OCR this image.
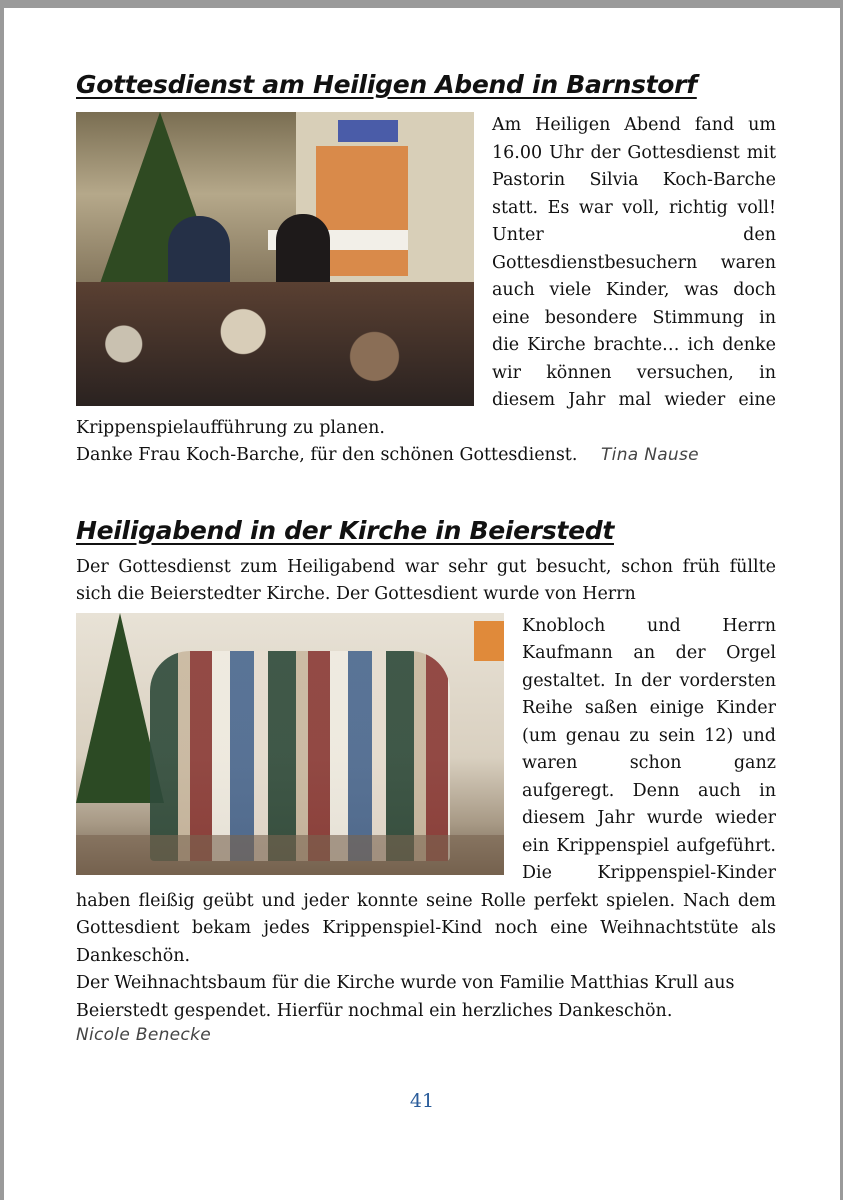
Gottesdienst am Heiligen Abend in Barnstorf
Am Heiligen Abend fand um 16.00 Uhr der Gottesdienst mit Pastorin Silvia Koch-Barche statt. Es war voll, richtig voll! Unter den Gottesdienstbesuchern waren auch viele Kinder, was doch eine besondere Stimmung in die Kirche brachte… ich denke wir können versuchen, in diesem Jahr mal wieder eine Krippenspielaufführung zu planen.
Danke Frau Koch-Barche, für den schönen Gottesdienst. Tina Nause
Heiligabend in der Kirche in Beierstedt
Der Gottesdienst zum Heiligabend war sehr gut besucht, schon früh füllte sich die Beierstedter Kirche. Der Gottesdient wurde von Herrn
Knobloch und Herrn Kaufmann an der Orgel gestaltet. In der vordersten Reihe saßen einige Kinder (um genau zu sein 12) und waren schon ganz aufgeregt. Denn auch in diesem Jahr wurde wieder ein Krippenspiel aufgeführt. Die Krippenspiel-Kinder haben fleißig geübt und jeder konnte seine Rolle perfekt spielen. Nach dem Gottesdient bekam jedes Krippenspiel-Kind noch eine Weihnachtstüte als Dankeschön.
Der Weihnachtsbaum für die Kirche wurde von Familie Matthias Krull aus Beierstedt gespendet. Hierfür nochmal ein herzliches Dankeschön.
Nicole Benecke
41
